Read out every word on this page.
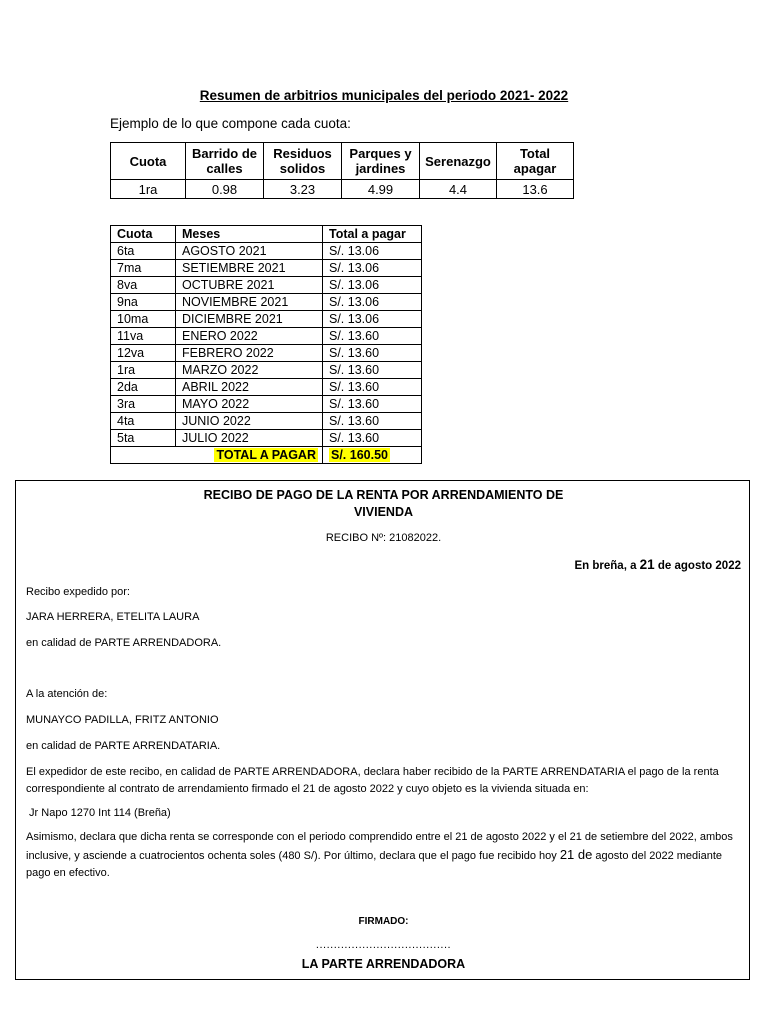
Resumen de arbitrios municipales del periodo 2021- 2022
Ejemplo de lo que compone cada cuota:
Cuota	Barrido de calles	Residuos solidos	Parques y jardines	Serenazgo	Total apagar
1ra	0.98	3.23	4.99	4.4	13.6
Cuota	Meses	Total a pagar
6ta	AGOSTO 2021	S/. 13.06
7ma	SETIEMBRE 2021	S/. 13.06
8va	OCTUBRE 2021	S/. 13.06
9na	NOVIEMBRE 2021	S/. 13.06
10ma	DICIEMBRE 2021	S/. 13.06
11va	ENERO 2022	S/. 13.60
12va	FEBRERO 2022	S/. 13.60
1ra	MARZO 2022	S/. 13.60
2da	ABRIL 2022	S/. 13.60
3ra	MAYO 2022	S/. 13.60
4ta	JUNIO 2022	S/. 13.60
5ta	JULIO 2022	S/. 13.60
	TOTAL A PAGAR	S/. 160.50
RECIBO DE PAGO DE LA RENTA POR ARRENDAMIENTO DE
VIVIENDA
RECIBO Nº: 21082022.
En breña, a 21 de agosto 2022
Recibo expedido por:
JARA HERRERA, ETELITA LAURA
en calidad de PARTE ARRENDADORA.
A la atención de:
MUNAYCO PADILLA, FRITZ ANTONIO
en calidad de PARTE ARRENDATARIA.
El expedidor de este recibo, en calidad de PARTE ARRENDADORA, declara haber recibido de la PARTE ARRENDATARIA el pago de la renta correspondiente al contrato de arrendamiento firmado el 21 de agosto 2022 y cuyo objeto es la vivienda situada en:
Jr Napo 1270 Int 114 (Breña)
Asimismo, declara que dicha renta se corresponde con el periodo comprendido entre el 21 de agosto 2022 y el 21 de setiembre del 2022, ambos inclusive, y asciende a cuatrocientos ochenta soles (480 S/). Por último, declara que el pago fue recibido hoy 21 de agosto del 2022 mediante pago en efectivo.
FIRMADO:
......................................
LA PARTE ARRENDADORA
